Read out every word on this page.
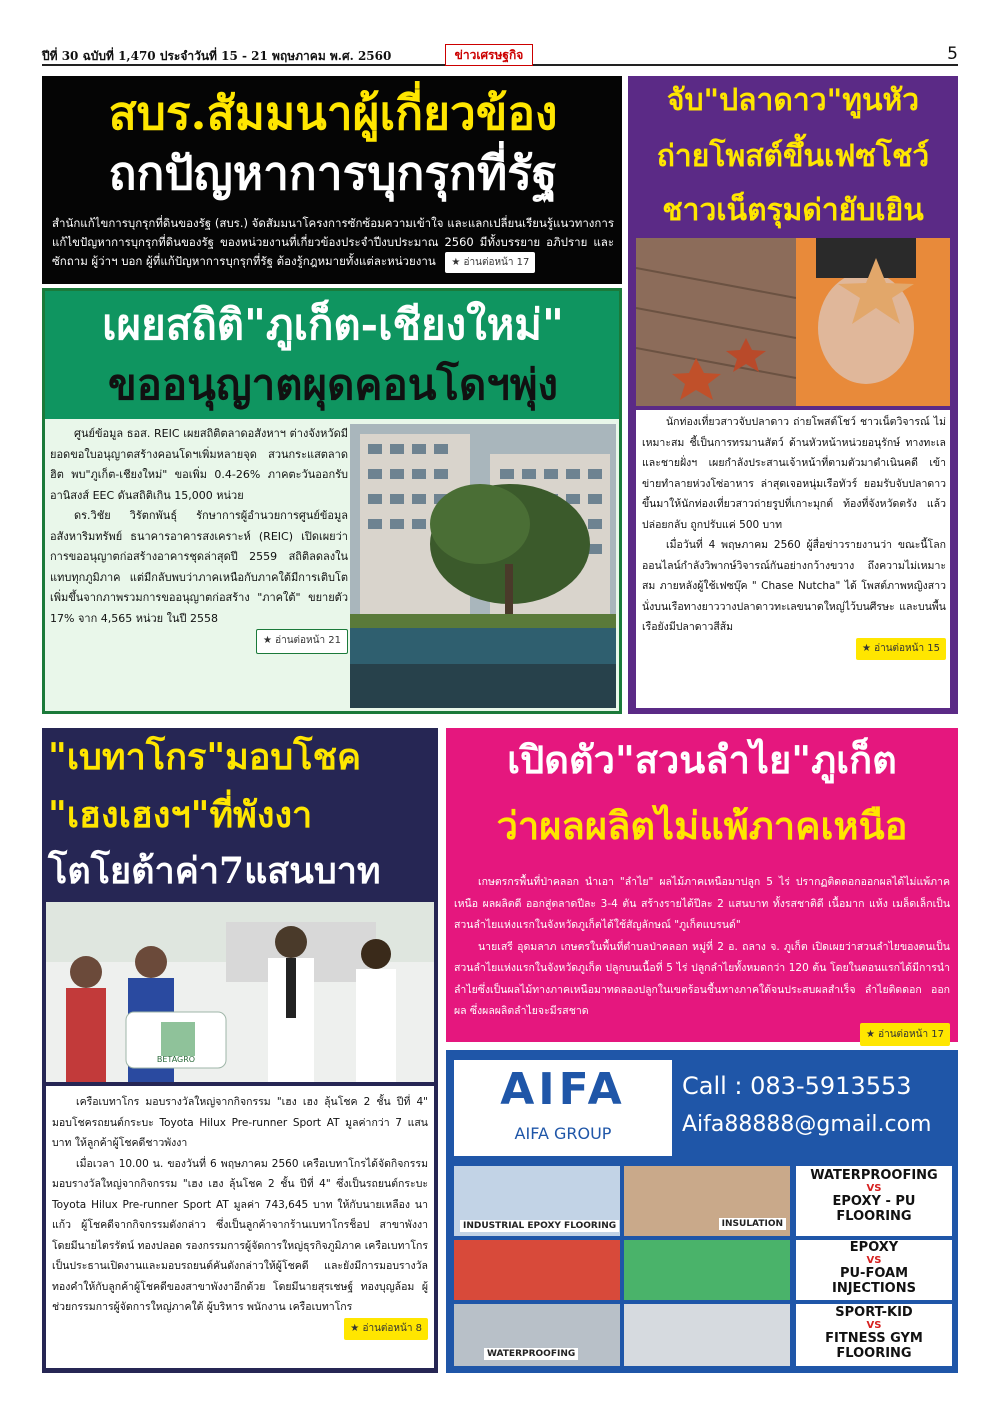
ปีที่ 30 ฉบับที่ 1,470 ประจำวันที่ 15 - 21 พฤษภาคม พ.ศ. 2560	ข่าวเศรษฐกิจ	5
สบร.สัมมนาผู้เกี่ยวข้อง
ถกปัญหาการบุกรุกที่รัฐ
สำนักแก้ไขการบุกรุกที่ดินของรัฐ (สบร.) จัดสัมมนาโครงการซักซ้อมความเข้าใจ และแลกเปลี่ยนเรียนรู้แนวทางการแก้ไขปัญหาการบุกรุกที่ดินของรัฐ ของหน่วยงานที่เกี่ยวข้องประจำปีงบประมาณ 2560 มีทั้งบรรยาย อภิปราย และซักถาม ผู้ว่าฯ บอก ผู้ที่แก้ปัญหาการบุกรุกที่รัฐ ต้องรู้กฎหมายทั้งแต่ละหน่วยงาน ★ อ่านต่อหน้า 17
เผยสถิติ"ภูเก็ต-เชียงใหม่"
ขออนุญาตผุดคอนโดฯพุ่ง
ศูนย์ข้อมูล ธอส. REIC เผยสถิติตลาดอสังหาฯ ต่างจังหวัดมียอดขอใบอนุญาตสร้างคอนโดฯเพิ่มหลายจุด สวนกระแสตลาดฮิต พบ"ภูเก็ต-เชียงใหม่" ขอเพิ่ม 0.4-26% ภาคตะวันออกรับอานิสงส์ EEC ดันสถิติเกิน 15,000 หน่วย
ดร.วิชัย วิรัตกพันธุ์ รักษาการผู้อำนวยการศูนย์ข้อมูลอสังหาริมทรัพย์ ธนาคารอาคารสงเคราะห์ (REIC) เปิดเผยว่า การขออนุญาตก่อสร้างอาคารชุดล่าสุดปี 2559 สถิติลดลงในแทบทุกภูมิภาค แต่มีกลับพบว่าภาคเหนือกับภาคใต้มีการเติบโตเพิ่มขึ้นจากภาพรวมการขออนุญาตก่อสร้าง "ภาคใต้" ขยายตัว 17% จาก 4,565 หน่วย ในปี 2558
★ อ่านต่อหน้า 21
จับ"ปลาดาว"ทูนหัว
ถ่ายโพสต์ขึ้นเฟซโชว์
ชาวเน็ตรุมด่ายับเยิน
นักท่องเที่ยวสาวจับปลาดาว ถ่ายโพสต์โชว์ ชาวเน็ตวิจารณ์ ไม่เหมาะสม ชี้เป็นการทรมานสัตว์ ด้านหัวหน้าหน่วยอนุรักษ์ ทางทะเลและชายฝั่งฯ เผยกำลังประสานเจ้าหน้าที่ตามตัวมาดำเนินคดี เข้าข่ายทำลายห่วงโซ่อาหาร ล่าสุดเจอหนุ่มเรือทัวร์ ยอมรับจับปลาดาวขึ้นมาให้นักท่องเที่ยวสาวถ่ายรูปที่เกาะมุกต์ ท้องที่จังหวัดตรัง แล้วปล่อยกลับ ถูกปรับแค่ 500 บาท
เมื่อวันที่ 4 พฤษภาคม 2560 ผู้สื่อข่าวรายงานว่า ขณะนี้โลกออนไลน์กำลังวิพากษ์วิจารณ์กันอย่างกว้างขวาง ถึงความไม่เหมาะสม ภายหลังผู้ใช้เฟซบุ๊ค " Chase Nutcha" ได้ โพสต์ภาพหญิงสาว นั่งบนเรือทางยาววางปลาดาวทะเลขนาดใหญ่ไว้บนศีรษะ และบนพื้นเรือยังมีปลาดาวสีส้ม
★ อ่านต่อหน้า 15
"เบทาโกร"มอบโชค
"เฮงเฮงฯ"ที่พังงา
โตโยต้าค่า7แสนบาท
BETAGRO
เครือเบทาโกร มอบรางวัลใหญ่จากกิจกรรม "เฮง เฮง ลุ้นโชค 2 ชั้น ปีที่ 4" มอบโชครถยนต์กระบะ Toyota Hilux Pre-runner Sport AT มูลค่ากว่า 7 แสนบาท ให้ลูกค้าผู้โชคดีชาวพังงา
เมื่อเวลา 10.00 น. ของวันที่ 6 พฤษภาคม 2560 เครือเบทาโกรได้จัดกิจกรรมมอบรางวัลใหญ่จากกิจกรรม "เฮง เฮง ลุ้นโชค 2 ชั้น ปีที่ 4" ซึ่งเป็นรถยนต์กระบะ Toyota Hilux Pre-runner Sport AT มูลค่า 743,645 บาท ให้กับนายเหลือง นาแก้ว ผู้โชคดีจากกิจกรรมดังกล่าว ซึ่งเป็นลูกค้าจากร้านเบทาโกรช็อป สาขาพังงา โดยมีนายไตรรัตน์ ทองปลอด รองกรรมการผู้จัดการใหญ่ธุรกิจภูมิภาค เครือเบทาโกร เป็นประธานเปิดงานและมอบรถยนต์คันดังกล่าวให้ผู้โชคดี และยังมีการมอบรางวัลทองคำให้กับลูกค้าผู้โชคดีของสาขาพังงาอีกด้วย โดยมีนายสุรเชษฐ์ ทองบุญล้อม ผู้ช่วยกรรมการผู้จัดการใหญ่ภาคใต้ ผู้บริหาร พนักงาน เครือเบทาโกร
★ อ่านต่อหน้า 8
เปิดตัว"สวนลำไย"ภูเก็ต
ว่าผลผลิตไม่แพ้ภาคเหนือ
เกษตรกรพื้นที่ป่าคลอก นำเอา "ลำไย" ผลไม้ภาคเหนือมาปลูก 5 ไร่ ปรากฏติดดอกออกผลได้ไม่แพ้ภาคเหนือ ผลผลิตดี ออกสู่ตลาดปีละ 3-4 ตัน สร้างรายได้ปีละ 2 แสนบาท ทั้งรสชาติดี เนื้อมาก แห้ง เมล็ดเล็กเป็นสวนลำไยแห่งแรกในจังหวัดภูเก็ตได้ใช้สัญลักษณ์ "ภูเก็ตแบรนด์"
นายเสรี อุดมลาภ เกษตรในพื้นที่ตำบลป่าคลอก หมู่ที่ 2 อ. ถลาง จ. ภูเก็ต เปิดเผยว่าสวนลำไยของตนเป็นสวนลำไยแห่งแรกในจังหวัดภูเก็ต ปลูกบนเนื้อที่ 5 ไร่ ปลูกลำไยทั้งหมดกว่า 120 ต้น โดยในตอนแรกได้มีการนำลำไยซึ่งเป็นผลไม้ทางภาคเหนือมาทดลองปลูกในเขตร้อนชื้นทางภาคใต้จนประสบผลสำเร็จ ลำไยติดดอก ออกผล ซึ่งผลผลิตลำไยจะมีรสชาด
★ อ่านต่อหน้า 17
AIFA
AIFA GROUP
Call : 083-5913553
Aifa88888@gmail.com
INDUSTRIAL EPOXY FLOORING	INSULATION
WATERPROOFING
WATERPROOFING
VS
EPOXY - PU
FLOORING
EPOXY
VS
PU-FOAM
INJECTIONS
SPORT-KID
VS
FITNESS GYM
FLOORING
